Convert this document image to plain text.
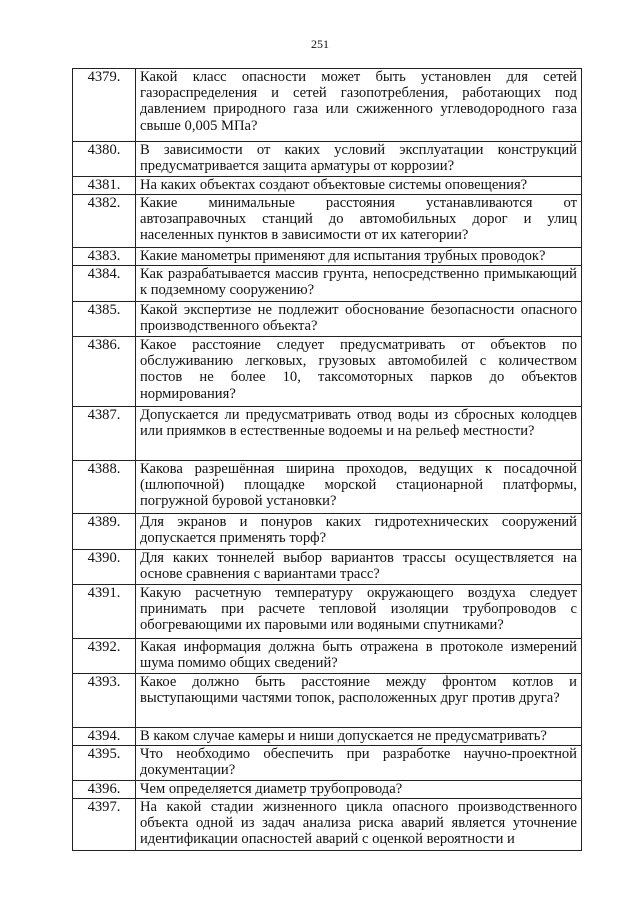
251
4379.	Какой класс опасности может быть установлен для сетей газораспределения и сетей газопотребления, работающих под давлением природного газа или сжиженного углеводородного газа свыше 0,005 МПа?
4380.	В зависимости от каких условий эксплуатации конструкций предусматривается защита арматуры от коррозии?
4381.	На каких объектах создают объектовые системы оповещения?
4382.	Какие минимальные расстояния устанавливаются от автозаправочных станций до автомобильных дорог и улиц населенных пунктов в зависимости от их категории?
4383.	Какие манометры применяют для испытания трубных проводок?
4384.	Как разрабатывается массив грунта, непосредственно примыкающий к подземному сооружению?
4385.	Какой экспертизе не подлежит обоснование безопасности опасного производственного объекта?
4386.	Какое расстояние следует предусматривать от объектов по обслуживанию легковых, грузовых автомобилей с количеством постов не более 10, таксомоторных парков до объектов нормирования?
4387.	Допускается ли предусматривать отвод воды из сбросных колодцев или приямков в естественные водоемы и на рельеф местности?
4388.	Какова разрешённая ширина проходов, ведущих к посадочной (шлюпочной) площадке морской стационарной платформы, погружной буровой установки?
4389.	Для экранов и понуров каких гидротехнических сооружений допускается применять торф?
4390.	Для каких тоннелей выбор вариантов трассы осуществляется на основе сравнения с вариантами трасс?
4391.	Какую расчетную температуру окружающего воздуха следует принимать при расчете тепловой изоляции трубопроводов с обогревающими их паровыми или водяными спутниками?
4392.	Какая информация должна быть отражена в протоколе измерений шума помимо общих сведений?
4393.	Какое должно быть расстояние между фронтом котлов и выступающими частями топок, расположенных друг против друга?
4394.	В каком случае камеры и ниши допускается не предусматривать?
4395.	Что необходимо обеспечить при разработке научно-проектной документации?
4396.	Чем определяется диаметр трубопровода?
4397.	На какой стадии жизненного цикла опасного производственного объекта одной из задач анализа риска аварий является уточнение идентификации опасностей аварий с оценкой вероятности и
